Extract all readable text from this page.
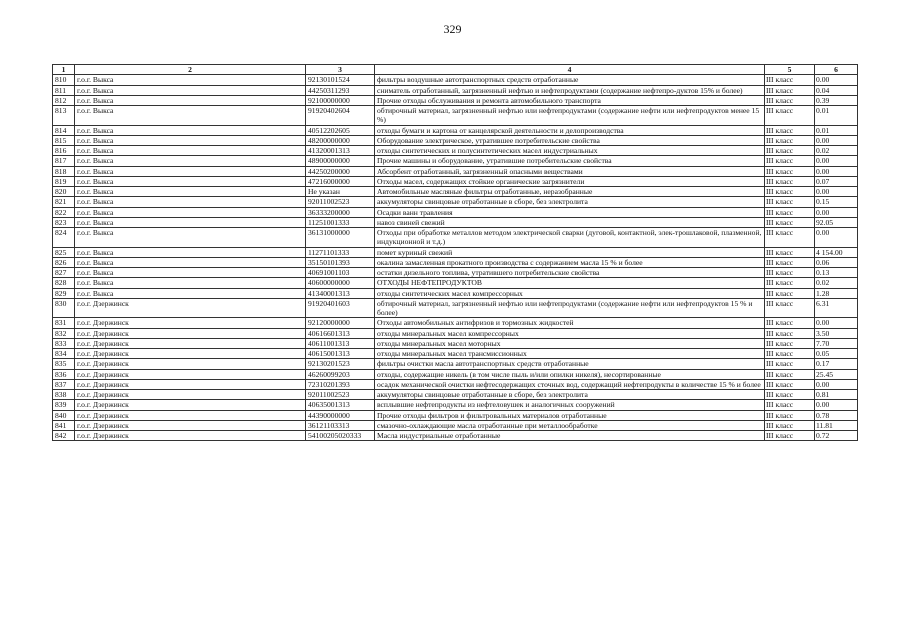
329
1	2	3	4	5	6
810	г.о.г. Выкса	92130101524	фильтры воздушные автотранспортных средств отработанные	III класс	0.00
811	г.о.г. Выкса	44250311293	сниматель отработанный, загрязненный нефтью и нефтепродуктами (содержание нефтепро-дуктов 15% и более)	III класс	0.04
812	г.о.г. Выкса	92100000000	Прочие отходы обслуживания и ремонта автомобильного транспорта	III класс	0.39
813	г.о.г. Выкса	91920402604	обтирочный материал, загрязненный нефтью или нефтепродуктами (содержание нефти или нефтепродуктов менее 15 %)	III класс	0.01
814	г.о.г. Выкса	40512202605	отходы бумаги и картона от канцелярской деятельности и делопроизводства	III класс	0.01
815	г.о.г. Выкса	48200000000	Оборудование электрическое, утратившее потребительские свойства	III класс	0.00
816	г.о.г. Выкса	41320001313	отходы синтетических и полусинтетических масел индустриальных	III класс	0.02
817	г.о.г. Выкса	48900000000	Прочие машины и оборудование, утратившие потребительские свойства	III класс	0.00
818	г.о.г. Выкса	44250200000	Абсорбент отработанный, загрязненный опасными веществами	III класс	0.00
819	г.о.г. Выкса	47216000000	Отходы масел, содержащих стойкие органические загрязнители	III класс	0.07
820	г.о.г. Выкса	Не указан	Автомобильные масляные фильтры отработанные, неразобранные	III класс	0.00
821	г.о.г. Выкса	92011002523	аккумуляторы свинцовые отработанные в сборе, без электролита	III класс	0.15
822	г.о.г. Выкса	36333200000	Осадки ванн травления	III класс	0.00
823	г.о.г. Выкса	11251001333	навоз свиней свежий	III класс	92.05
824	г.о.г. Выкса	36131000000	Отходы при обработке металлов методом электрической сварки (дуговой, контактной, элек-трошлаковой, плазменной, индукционной и т.д.)	III класс	0.00
825	г.о.г. Выкса	11271101333	помет куриный свежий	III класс	4 154.00
826	г.о.г. Выкса	35150101393	окалина замасленная прокатного производства с содержанием масла 15 % и более	III класс	0.06
827	г.о.г. Выкса	40691001103	остатки дизельного топлива, утратившего потребительские свойства	III класс	0.13
828	г.о.г. Выкса	40600000000	ОТХОДЫ НЕФТЕПРОДУКТОВ	III класс	0.02
829	г.о.г. Выкса	41340001313	отходы синтетических масел компрессорных	III класс	1.28
830	г.о.г. Дзержинск	91920401603	обтирочный материал, загрязненный нефтью или нефтепродуктами (содержание нефти или нефтепродуктов 15 % и более)	III класс	6.31
831	г.о.г. Дзержинск	92120000000	Отходы автомобильных антифризов и тормозных жидкостей	III класс	0.00
832	г.о.г. Дзержинск	40616601313	отходы минеральных масел компрессорных	III класс	3.50
833	г.о.г. Дзержинск	40611001313	отходы минеральных масел моторных	III класс	7.70
834	г.о.г. Дзержинск	40615001313	отходы минеральных масел трансмиссионных	III класс	0.05
835	г.о.г. Дзержинск	92130201523	фильтры очистки масла автотранспортных средств отработанные	III класс	0.17
836	г.о.г. Дзержинск	46260099203	отходы, содержащие никель (в том числе пыль и/или опилки никеля), несортированные	III класс	25.45
837	г.о.г. Дзержинск	72310201393	осадок механической очистки нефтесодержащих сточных вод, содержащий нефтепродукты в количестве 15 % и более	III класс	0.00
838	г.о.г. Дзержинск	92011002523	аккумуляторы свинцовые отработанные в сборе, без электролита	III класс	0.81
839	г.о.г. Дзержинск	40635001313	всплывшие нефтепродукты из нефтеловушек и аналогичных сооружений	III класс	0.00
840	г.о.г. Дзержинск	44390000000	Прочие отходы фильтров и фильтровальных материалов отработанные	III класс	0.78
841	г.о.г. Дзержинск	36121103313	смазочно-охлаждающие масла отработанные при металлообработке	III класс	11.81
842	г.о.г. Дзержинск	54100205020333	Масла индустриальные отработанные	III класс	0.72
